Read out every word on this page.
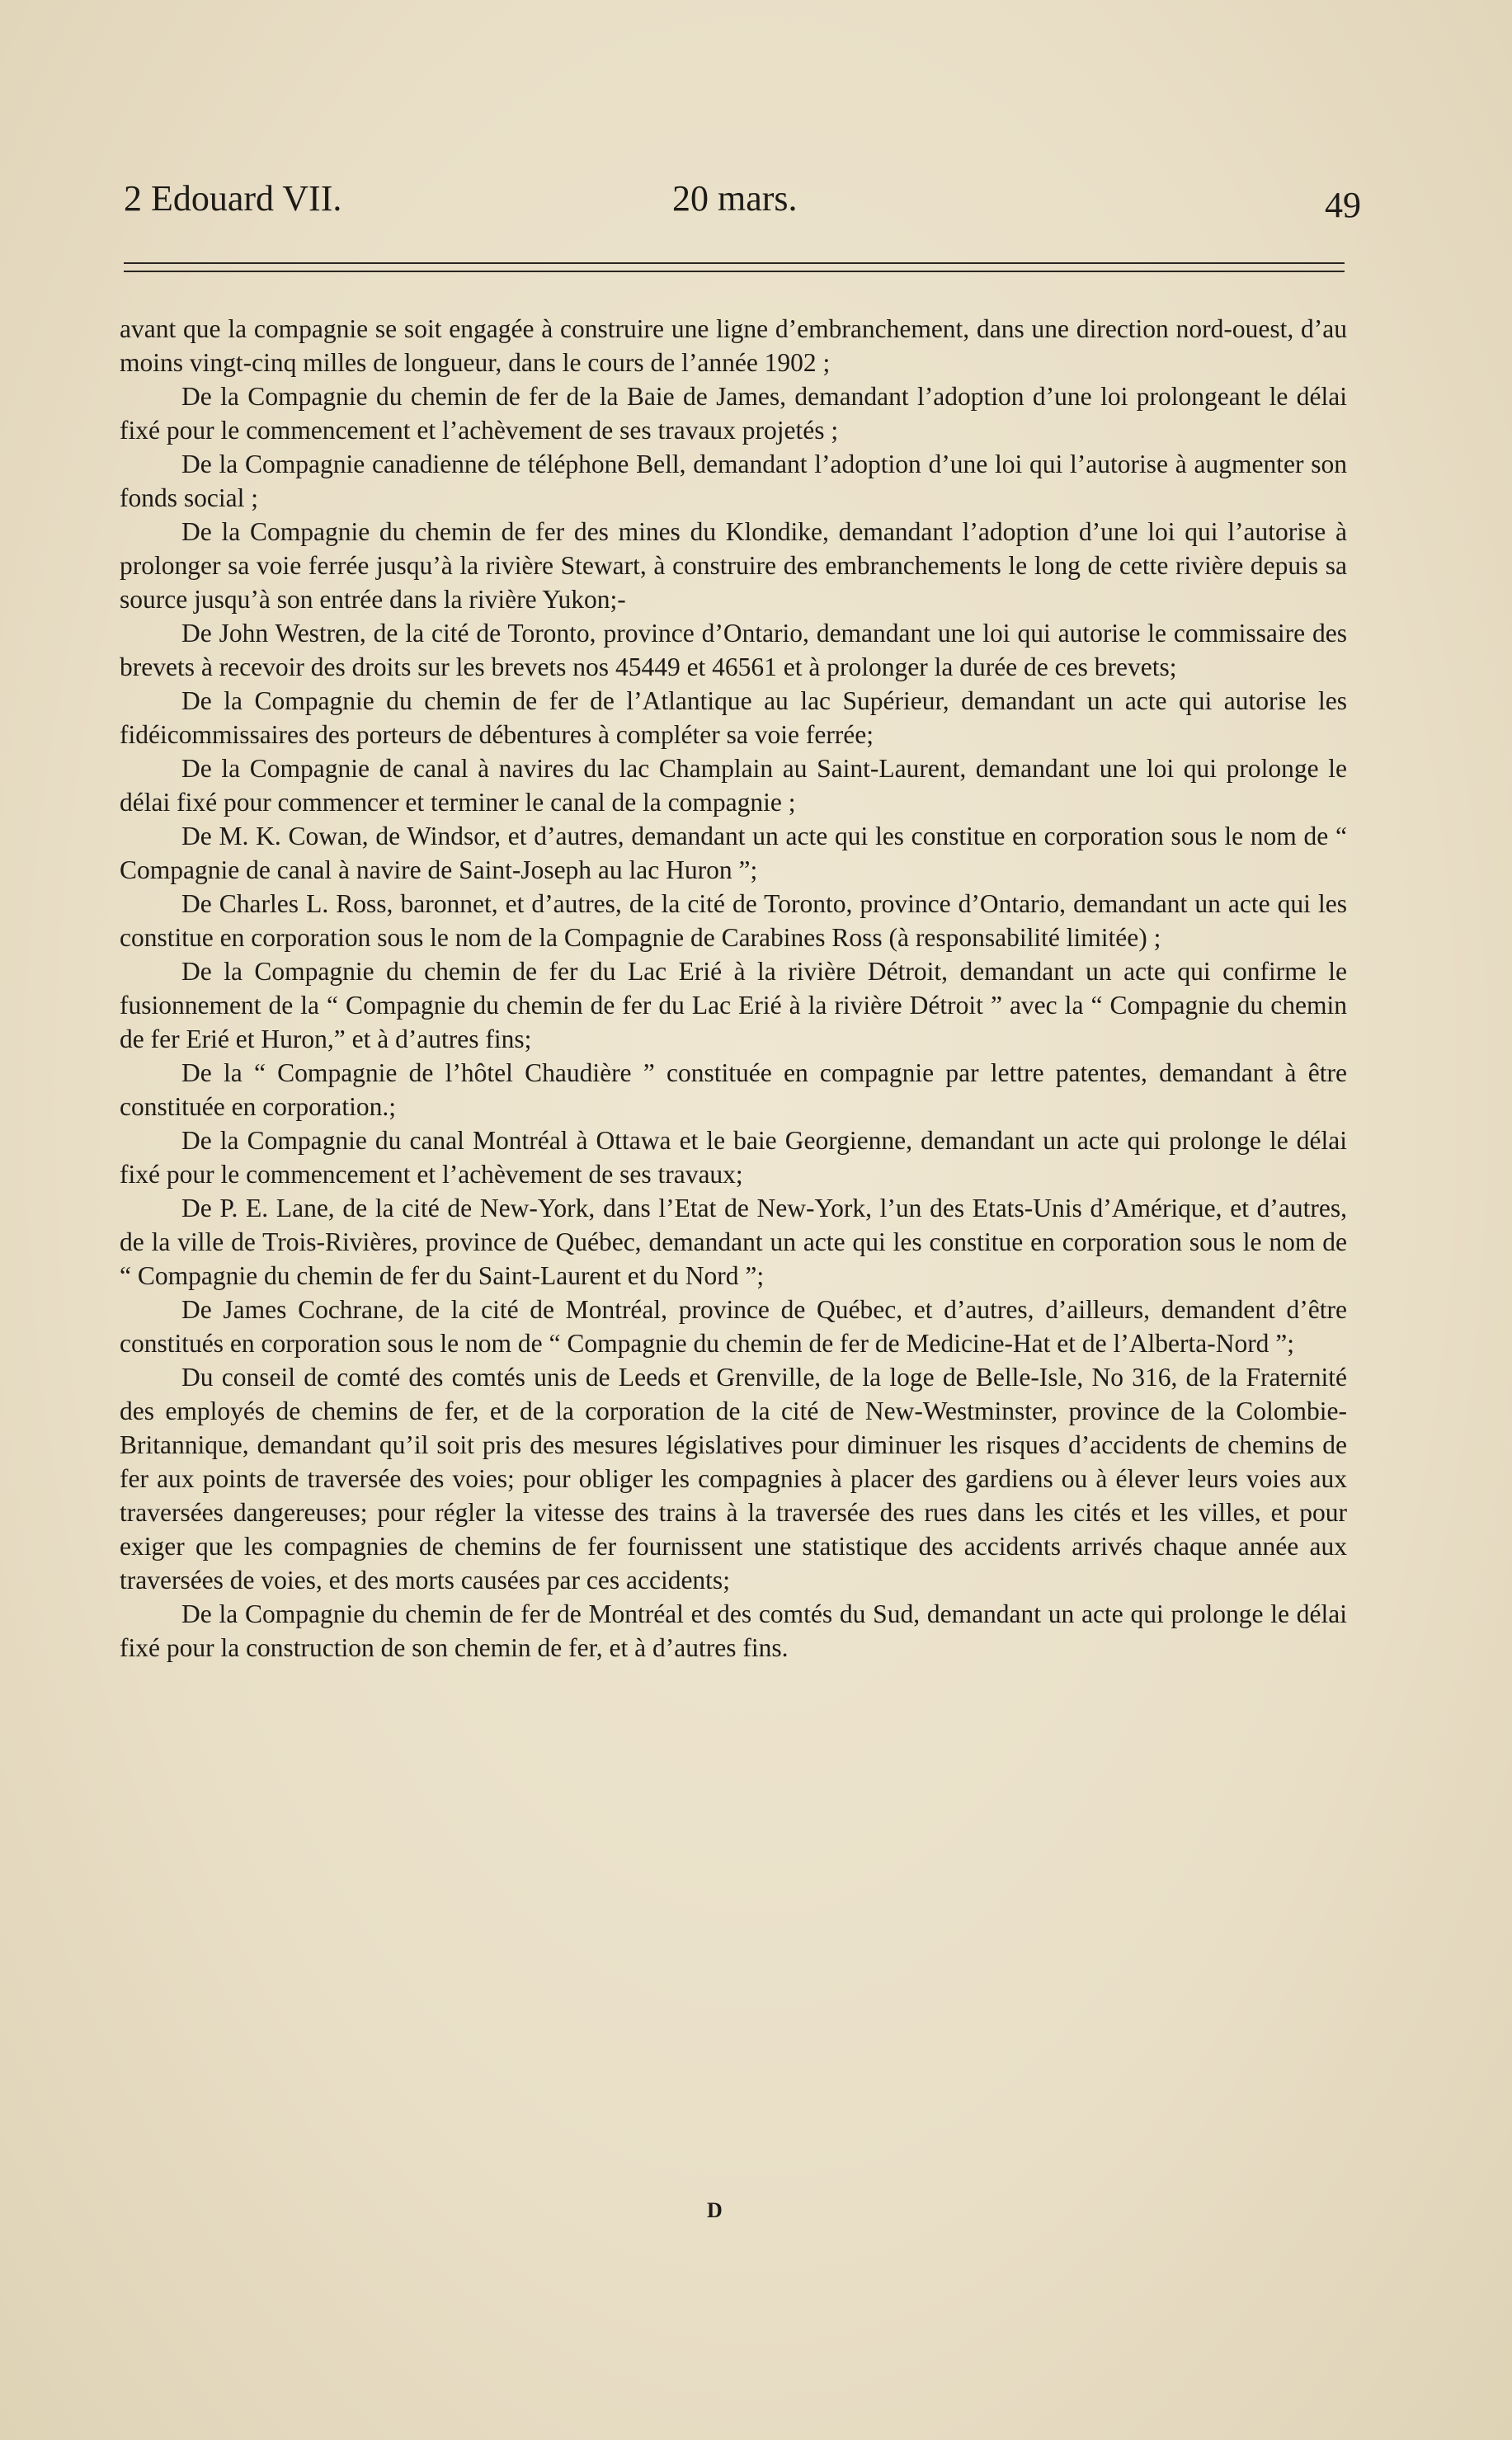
2 Edouard VII.	20 mars.	49

avant que la compagnie se soit engagée à construire une ligne d’embranchement, dans une direction nord-ouest, d’au moins vingt-cinq milles de longueur, dans le cours de l’année 1902 ;

De la Compagnie du chemin de fer de la Baie de James, demandant l’adoption d’une loi prolongeant le délai fixé pour le commencement et l’achèvement de ses travaux projetés ;

De la Compagnie canadienne de téléphone Bell, demandant l’adoption d’une loi qui l’autorise à augmenter son fonds social ;

De la Compagnie du chemin de fer des mines du Klondike, demandant l’adoption d’une loi qui l’autorise à prolonger sa voie ferrée jusqu’à la rivière Stewart, à construire des embranchements le long de cette rivière depuis sa source jusqu’à son entrée dans la rivière Yukon;-

De John Westren, de la cité de Toronto, province d’Ontario, demandant une loi qui autorise le commissaire des brevets à recevoir des droits sur les brevets nos 45449 et 46561 et à prolonger la durée de ces brevets;

De la Compagnie du chemin de fer de l’Atlantique au lac Supérieur, demandant un acte qui autorise les fidéicommissaires des porteurs de débentures à compléter sa voie ferrée;

De la Compagnie de canal à navires du lac Champlain au Saint-Laurent, demandant une loi qui prolonge le délai fixé pour commencer et terminer le canal de la compagnie ;

De M. K. Cowan, de Windsor, et d’autres, demandant un acte qui les constitue en corporation sous le nom de “ Compagnie de canal à navire de Saint-Joseph au lac Huron ”;

De Charles L. Ross, baronnet, et d’autres, de la cité de Toronto, province d’Ontario, demandant un acte qui les constitue en corporation sous le nom de la Compagnie de Carabines Ross (à responsabilité limitée) ;

De la Compagnie du chemin de fer du Lac Erié à la rivière Détroit, demandant un acte qui confirme le fusionnement de la “ Compagnie du chemin de fer du Lac Erié à la rivière Détroit ” avec la “ Compagnie du chemin de fer Erié et Huron,” et à d’autres fins;

De la “ Compagnie de l’hôtel Chaudière ” constituée en compagnie par lettre patentes, demandant à être constituée en corporation.;

De la Compagnie du canal Montréal à Ottawa et le baie Georgienne, demandant un acte qui prolonge le délai fixé pour le commencement et l’achèvement de ses travaux;

De P. E. Lane, de la cité de New-York, dans l’Etat de New-York, l’un des Etats-Unis d’Amérique, et d’autres, de la ville de Trois-Rivières, province de Québec, demandant un acte qui les constitue en corporation sous le nom de “ Compagnie du chemin de fer du Saint-Laurent et du Nord ”;

De James Cochrane, de la cité de Montréal, province de Québec, et d’autres, d’ailleurs, demandent d’être constitués en corporation sous le nom de “ Compagnie du chemin de fer de Medicine-Hat et de l’Alberta-Nord ”;

Du conseil de comté des comtés unis de Leeds et Grenville, de la loge de Belle-Isle, No 316, de la Fraternité des employés de chemins de fer, et de la corporation de la cité de New-Westminster, province de la Colombie-Britannique, demandant qu’il soit pris des mesures législatives pour diminuer les risques d’accidents de chemins de fer aux points de traversée des voies; pour obliger les compagnies à placer des gardiens ou à élever leurs voies aux traversées dangereuses; pour régler la vitesse des trains à la traversée des rues dans les cités et les villes, et pour exiger que les compagnies de chemins de fer fournissent une statistique des accidents arrivés chaque année aux traversées de voies, et des morts causées par ces accidents;

De la Compagnie du chemin de fer de Montréal et des comtés du Sud, demandant un acte qui prolonge le délai fixé pour la construction de son chemin de fer, et à d’autres fins.

D
